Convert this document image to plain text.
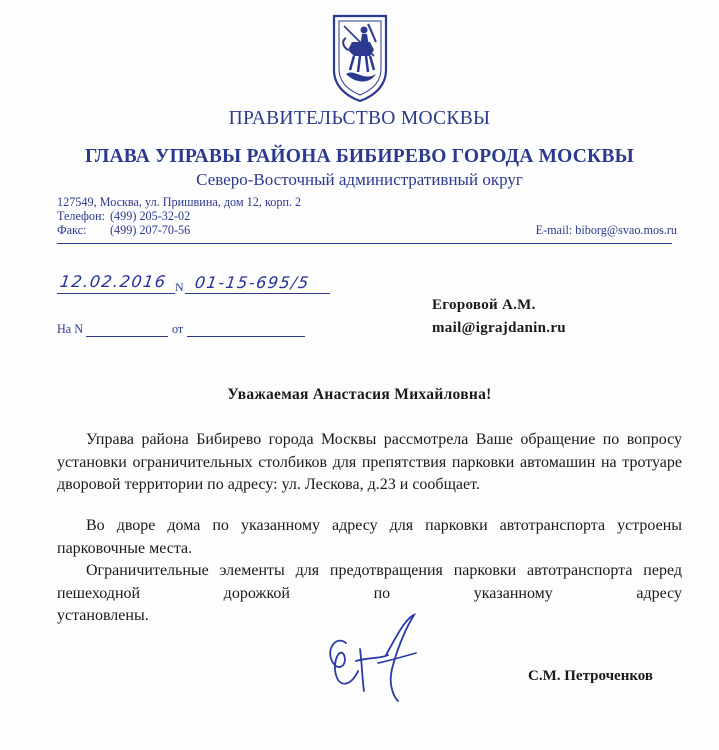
ПРАВИТЕЛЬСТВО МОСКВЫ
ГЛАВА УПРАВЫ РАЙОНА БИБИРЕВО ГОРОДА МОСКВЫ
Северо-Восточный административный округ
127549, Москва, ул. Пришвина, дом 12, корп. 2
Телефон: (499) 205-32-02
Факс: (499) 207-70-56	E-mail: biborg@svao.mos.ru
12.02.2016 N 01-15-695/5
На N	от
Егоровой А.М.
mail@igrajdanin.ru
Уважаемая Анастасия Михайловна!

Управа района Бибирево города Москвы рассмотрела Ваше обращение по вопросу установки ограничительных столбиков для препятствия парковки автомашин на тротуаре дворовой территории по адресу: ул. Лескова, д.23 и сообщает.

Во дворе дома по указанному адресу для парковки автотранспорта устроены парковочные места.

Ограничительные элементы для предотвращения парковки автотранспорта перед пешеходной дорожкой по указанному адресу

установлены.
С.М. Петроченков
